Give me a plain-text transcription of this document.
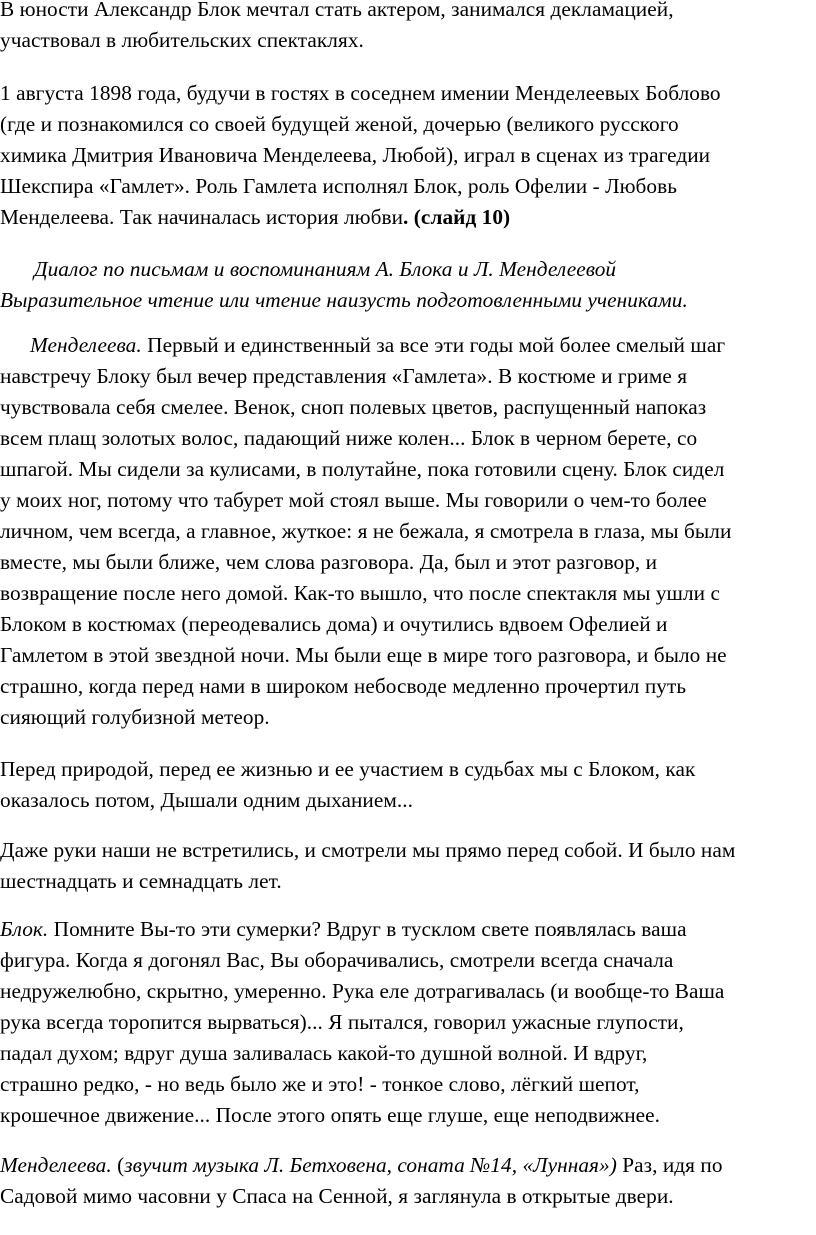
В юности Александр Блок мечтал стать актером, занимался декламацией,
участвовал в любительских спектаклях.

1 августа 1898 года, будучи в гостях в соседнем имении Менделеевых Боблово
(где и познакомился со своей будущей женой, дочерью (великого русского
химика Дмитрия Ивановича Менделеева, Любой), играл в сценах из трагедии
Шекспира «Гамлет». Роль Гамлета исполнял Блок, роль Офелии - Любовь
Менделеева. Так начиналась история любви. (слайд 10)

Диалог по письмам и воспоминаниям А. Блока и Л. Менделеевой
Выразительное чтение или чтение наизусть подготовленными учениками.

Менделеева. Первый и единственный за все эти годы мой более смелый шаг
навстречу Блоку был вечер представления «Гамлета». В костюме и гриме я
чувствовала себя смелее. Венок, сноп полевых цветов, распущенный напоказ
всем плащ золотых волос, падающий ниже колен... Блок в черном берете, со
шпагой. Мы сидели за кулисами, в полутайне, пока готовили сцену. Блок сидел
у моих ног, потому что табурет мой стоял выше. Мы говорили о чем-то более
личном, чем всегда, а главное, жуткое: я не бежала, я смотрела в глаза, мы были
вместе, мы были ближе, чем слова разговора. Да, был и этот разговор, и
возвращение после него домой. Как-то вышло, что после спектакля мы ушли с
Блоком в костюмах (переодевались дома) и очутились вдвоем Офелией и
Гамлетом в этой звездной ночи. Мы были еще в мире того разговора, и было не
страшно, когда перед нами в широком небосводе медленно прочертил путь
сияющий голубизной метеор.

Перед природой, перед ее жизнью и ее участием в судьбах мы с Блоком, как
оказалось потом, Дышали одним дыханием...

Даже руки наши не встретились, и смотрели мы прямо перед собой. И было нам
шестнадцать и семнадцать лет.

Блок. Помните Вы-то эти сумерки? Вдруг в тусклом свете появлялась ваша
фигура. Когда я догонял Вас, Вы оборачивались, смотрели всегда сначала
недружелюбно, скрытно, умеренно. Рука еле дотрагивалась (и вообще-то Ваша
рука всегда торопится вырваться)... Я пытался, говорил ужасные глупости,
падал духом; вдруг душа заливалась какой-то душной волной. И вдруг,
страшно редко, - но ведь было же и это! - тонкое слово, лёгкий шепот,
крошечное движение... После этого опять еще глуше, еще неподвижнее.

Менделеева. (звучит музыка Л. Бетховена, соната №14, «Лунная») Раз, идя по
Садовой мимо часовни у Спаса на Сенной, я заглянула в открытые двери.
